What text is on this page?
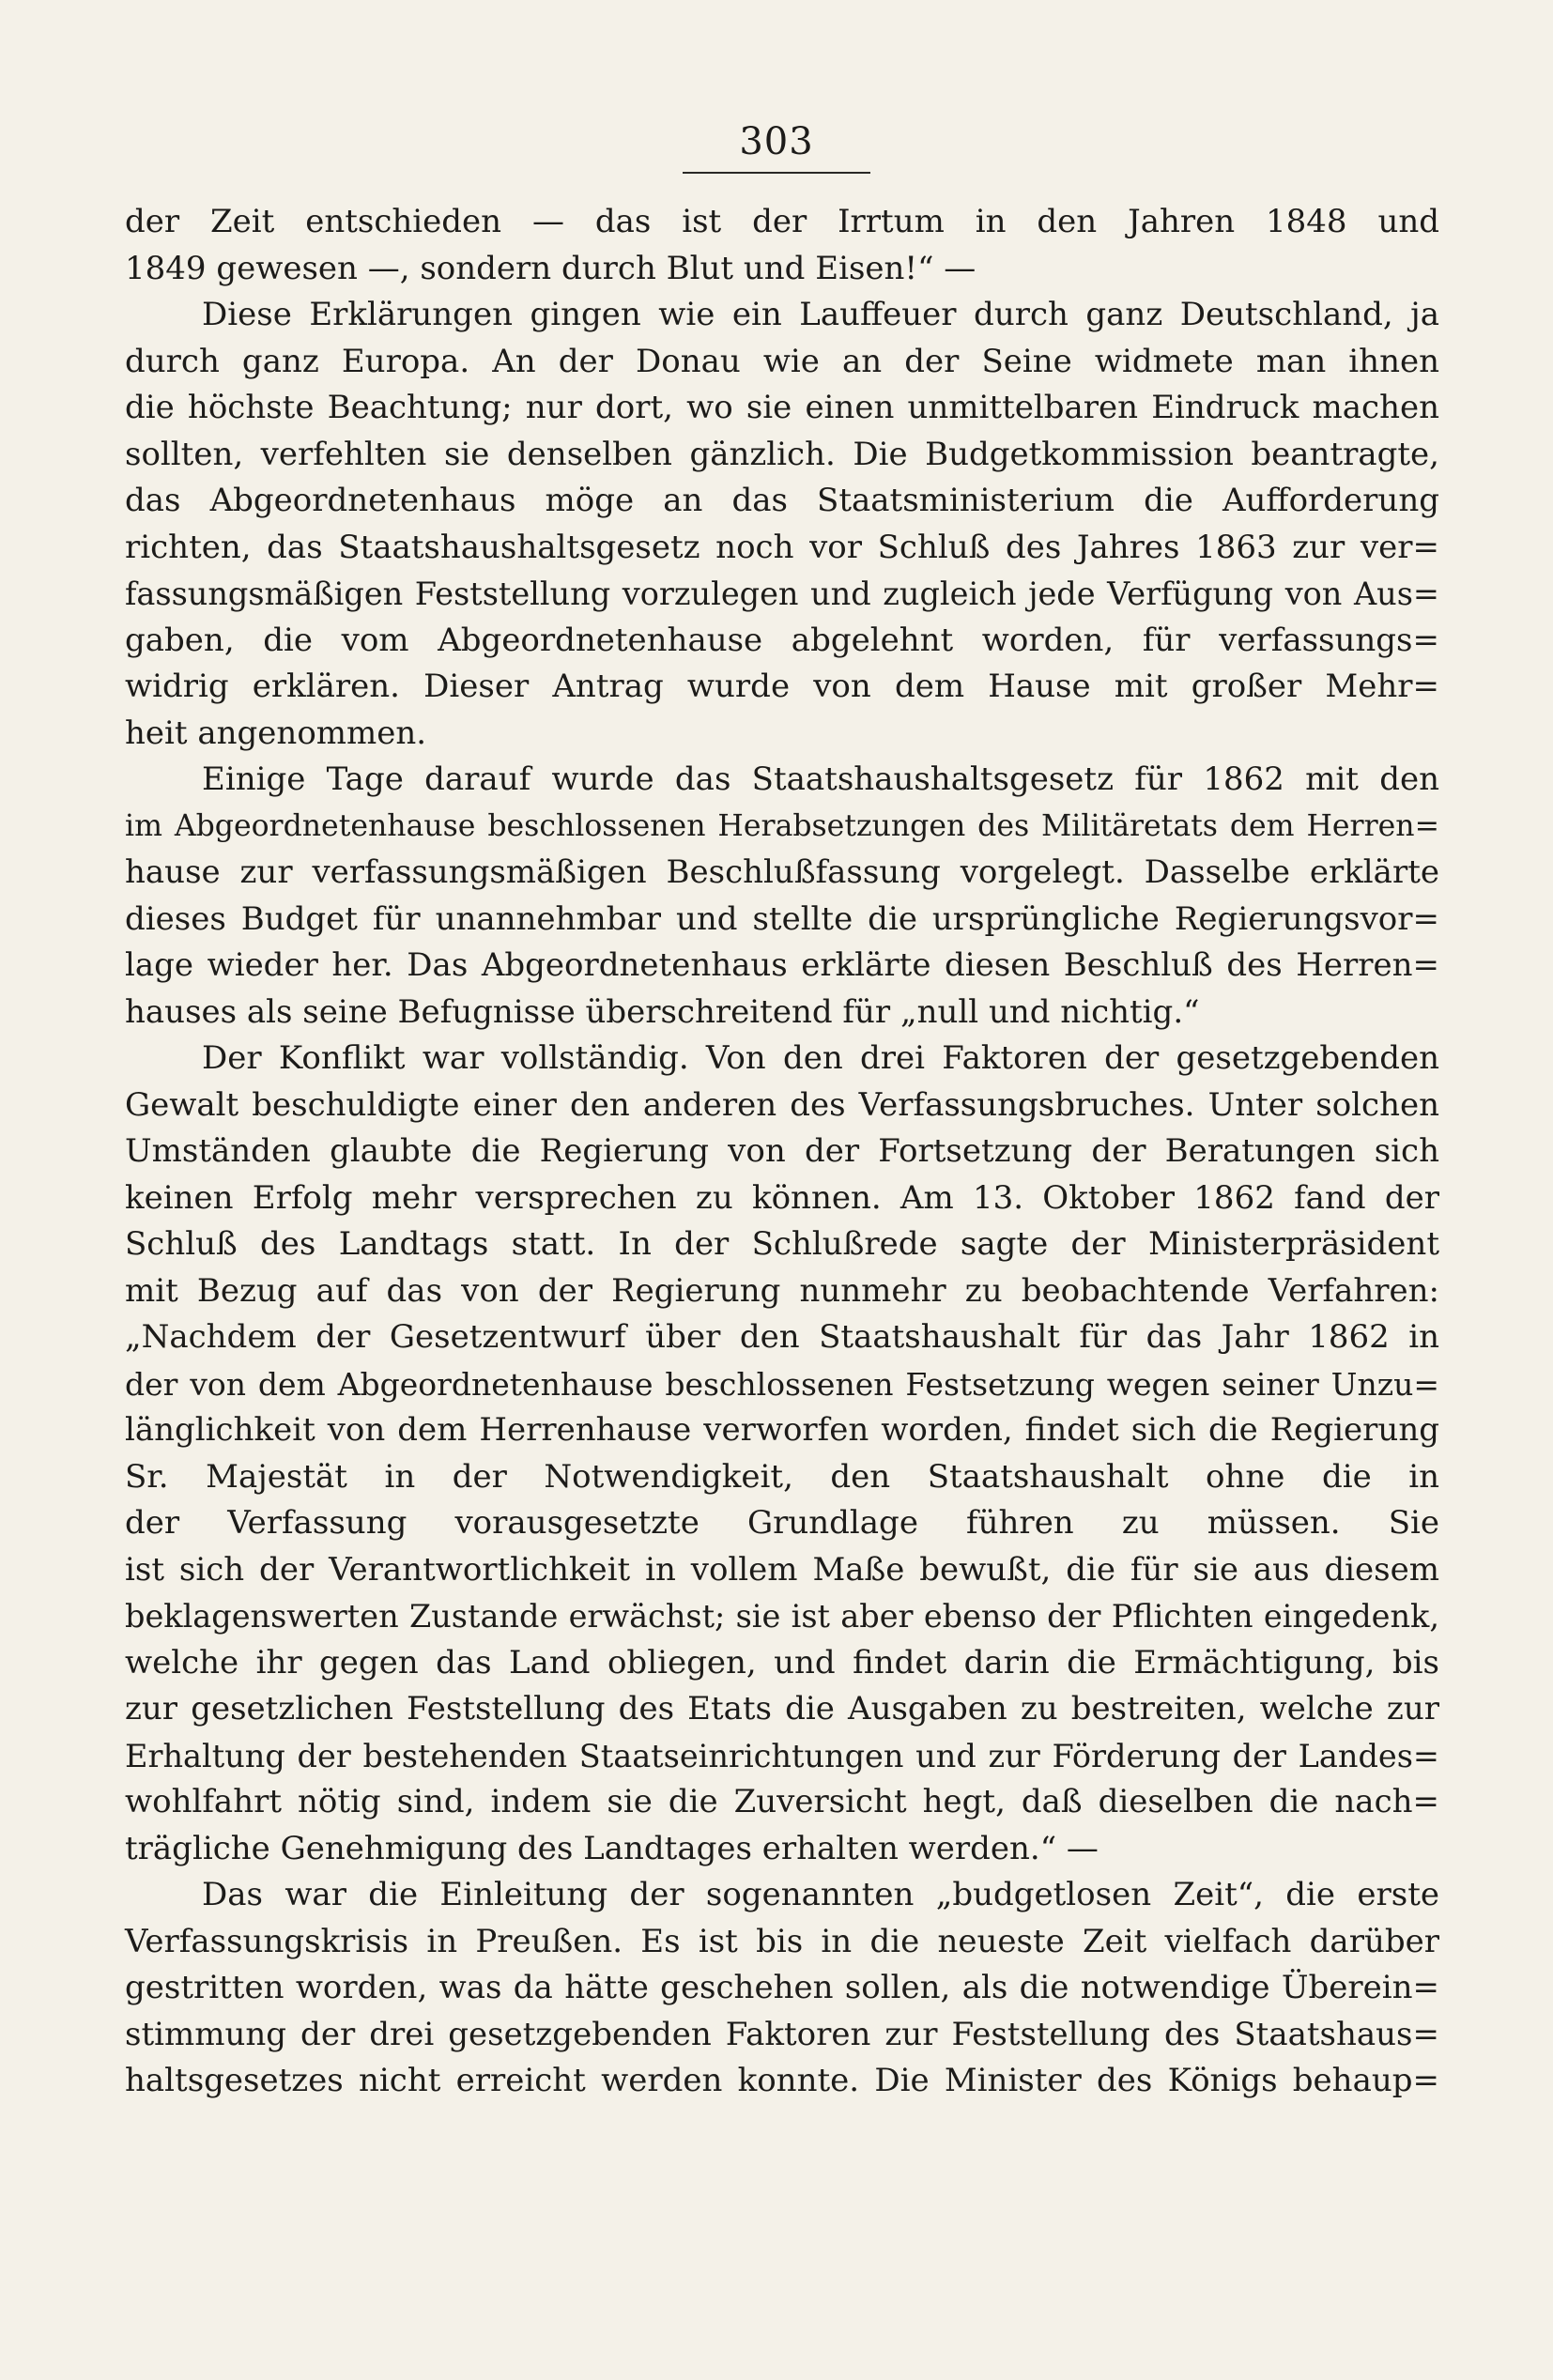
303
der Zeit entschieden — das ist der Irrtum in den Jahren 1848 und
1849 gewesen —, sondern durch Blut und Eisen!“ —
Diese Erklärungen gingen wie ein Lauffeuer durch ganz Deutschland, ja
durch ganz Europa. An der Donau wie an der Seine widmete man ihnen
die höchste Beachtung; nur dort, wo sie einen unmittelbaren Eindruck machen
sollten, verfehlten sie denselben gänzlich. Die Budgetkommission beantragte,
das Abgeordnetenhaus möge an das Staatsministerium die Aufforderung
richten, das Staatshaushaltsgesetz noch vor Schluß des Jahres 1863 zur ver=
fassungsmäßigen Feststellung vorzulegen und zugleich jede Verfügung von Aus=
gaben, die vom Abgeordnetenhause abgelehnt worden, für verfassungs=
widrig erklären. Dieser Antrag wurde von dem Hause mit großer Mehr=
heit angenommen.
Einige Tage darauf wurde das Staatshaushaltsgesetz für 1862 mit den
im Abgeordnetenhause beschlossenen Herabsetzungen des Militäretats dem Herren=
hause zur verfassungsmäßigen Beschlußfassung vorgelegt. Dasselbe erklärte
dieses Budget für unannehmbar und stellte die ursprüngliche Regierungsvor=
lage wieder her. Das Abgeordnetenhaus erklärte diesen Beschluß des Herren=
hauses als seine Befugnisse überschreitend für „null und nichtig.“
Der Konflikt war vollständig. Von den drei Faktoren der gesetzgebenden
Gewalt beschuldigte einer den anderen des Verfassungsbruches. Unter solchen
Umständen glaubte die Regierung von der Fortsetzung der Beratungen sich
keinen Erfolg mehr versprechen zu können. Am 13. Oktober 1862 fand der
Schluß des Landtags statt. In der Schlußrede sagte der Ministerpräsident
mit Bezug auf das von der Regierung nunmehr zu beobachtende Verfahren:
„Nachdem der Gesetzentwurf über den Staatshaushalt für das Jahr 1862 in
der von dem Abgeordnetenhause beschlossenen Festsetzung wegen seiner Unzu=
länglichkeit von dem Herrenhause verworfen worden, findet sich die Regierung
Sr. Majestät in der Notwendigkeit, den Staatshaushalt ohne die in
der Verfassung vorausgesetzte Grundlage führen zu müssen. Sie
ist sich der Verantwortlichkeit in vollem Maße bewußt, die für sie aus diesem
beklagenswerten Zustande erwächst; sie ist aber ebenso der Pflichten eingedenk,
welche ihr gegen das Land obliegen, und findet darin die Ermächtigung, bis
zur gesetzlichen Feststellung des Etats die Ausgaben zu bestreiten, welche zur
Erhaltung der bestehenden Staatseinrichtungen und zur Förderung der Landes=
wohlfahrt nötig sind, indem sie die Zuversicht hegt, daß dieselben die nach=
trägliche Genehmigung des Landtages erhalten werden.“ —
Das war die Einleitung der sogenannten „budgetlosen Zeit“, die erste
Verfassungskrisis in Preußen. Es ist bis in die neueste Zeit vielfach darüber
gestritten worden, was da hätte geschehen sollen, als die notwendige Überein=
stimmung der drei gesetzgebenden Faktoren zur Feststellung des Staatshaus=
haltsgesetzes nicht erreicht werden konnte. Die Minister des Königs behaup=
